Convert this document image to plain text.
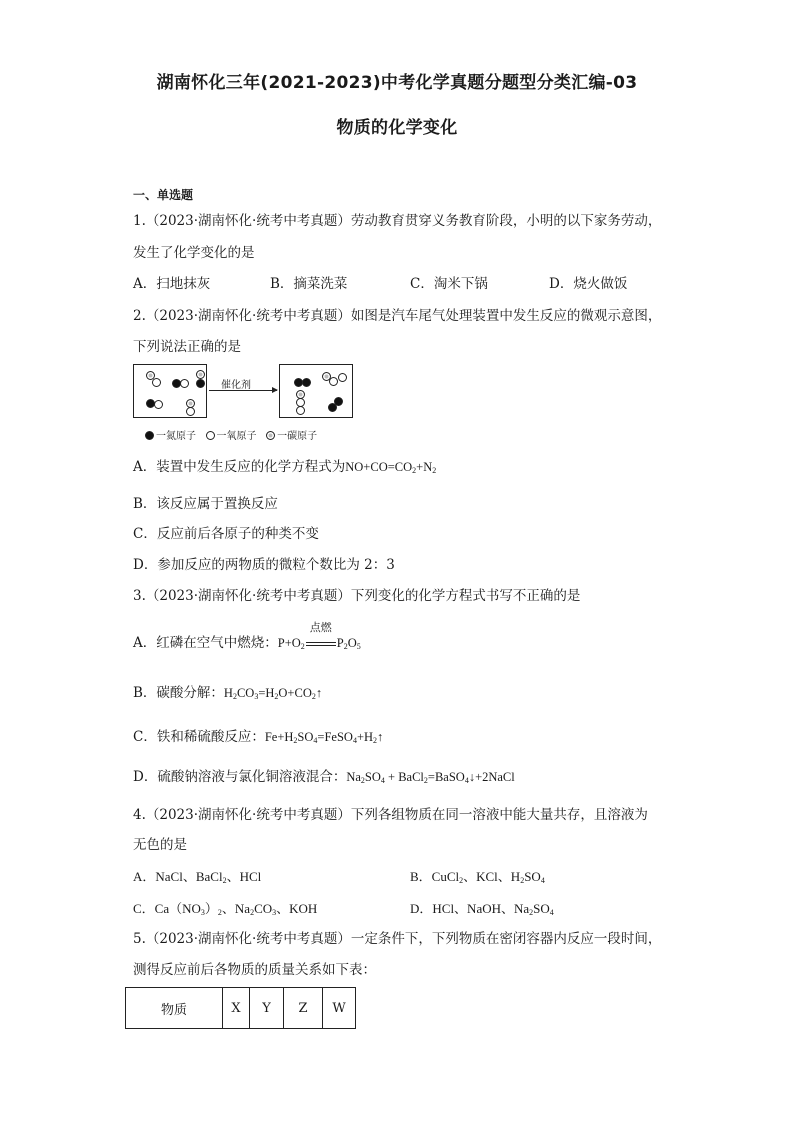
湖南怀化三年(2021-2023)中考化学真题分题型分类汇编-03
物质的化学变化
一、单选题
1.（2023·湖南怀化·统考中考真题）劳动教育贯穿义务教育阶段，小明的以下家务劳动，
发生了化学变化的是
A．扫地抹灰	B．摘菜洗菜	C．淘米下锅	D．烧火做饭
2.（2023·湖南怀化·统考中考真题）如图是汽车尾气处理装置中发生反应的微观示意图，
下列说法正确的是
催化剂
一氮原子 一氧原子 一碳原子
A．装置中发生反应的化学方程式为$NO+CO=CO_2+N_2$
B．该反应属于置换反应
C．反应前后各原子的种类不变
D．参加反应的两物质的微粒个数比为 2：3
3.（2023·湖南怀化·统考中考真题）下列变化的化学方程式书写不正确的是
A．红磷在空气中燃烧：$P+O_2$
点燃
$P_2O_5$
B．碳酸分解：$H_2CO_3=H_2O+CO_2↑$
C．铁和稀硫酸反应：$Fe+H_2SO_4=FeSO_4+H_2↑$
D．硫酸钠溶液与氯化铜溶液混合：$Na_2SO_4$ + BaCl$_2$=BaSO$_4$↓+2NaCl
4.（2023·湖南怀化·统考中考真题）下列各组物质在同一溶液中能大量共存，且溶液为
无色的是
A．NaCl、BaCl$_2$、HCl	B．CuCl$_2$、KCl、$H_2SO_4$
C．$Ca(NO_3)_2$、$Na_2CO_3$、KOH	D．HCl、NaOH、$Na_2SO_4$
5.（2023·湖南怀化·统考中考真题）一定条件下，下列物质在密闭容器内反应一段时间，
测得反应前后各物质的质量关系如下表：
物质	X	Y	Z	W
